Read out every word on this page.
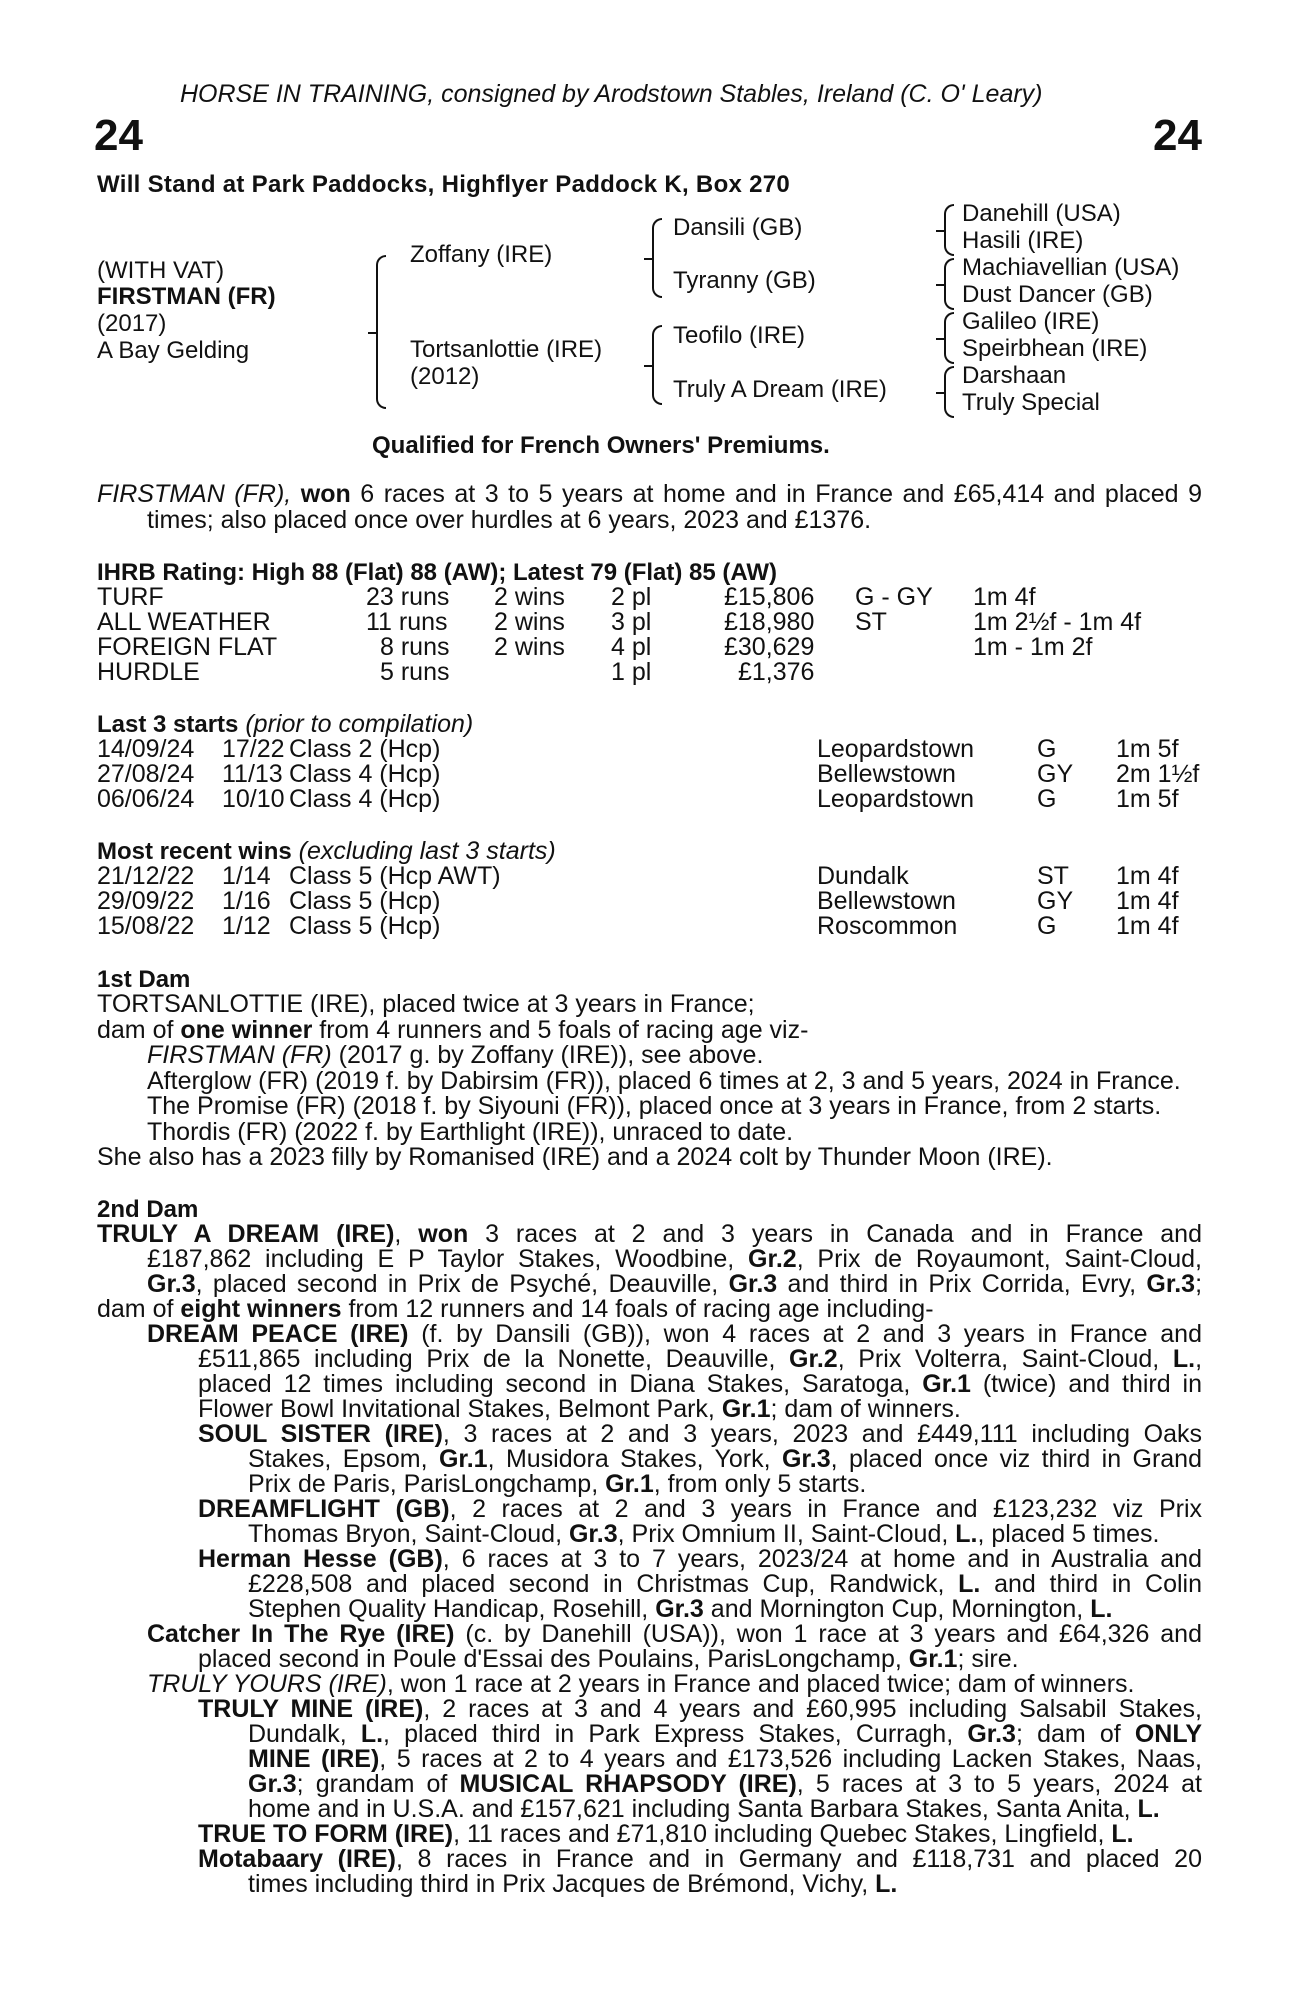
HORSE IN TRAINING, consigned by Arodstown Stables, Ireland (C. O' Leary)
24	24
Will Stand at Park Paddocks, Highflyer Paddock K, Box 270
(WITH VAT)
FIRSTMAN (FR)
(2017)
A Bay Gelding
Zoffany (IRE)
Tortsanlottie (IRE)
(2012)
Dansili (GB)
Tyranny (GB)
Teofilo (IRE)
Truly A Dream (IRE)
Danehill (USA)
Hasili (IRE)
Machiavellian (USA)
Dust Dancer (GB)
Galileo (IRE)
Speirbhean (IRE)
Darshaan
Truly Special
Qualified for French Owners' Premiums.
FIRSTMAN (FR), won 6 races at 3 to 5 years at home and in France and £65,414 and placed 9
times; also placed once over hurdles at 6 years, 2023 and £1376.
IHRB Rating: High 88 (Flat) 88 (AW); Latest 79 (Flat) 85 (AW)
TURF	23 runs 2 wins 2 pl	£15,806 G - GY 1m 4f
ALL WEATHER	11 runs 2 wins 3 pl	£18,980 ST	1m 2½f - 1m 4f
FOREIGN FLAT	8 runs 2 wins 4 pl	£30,629	1m - 1m 2f
HURDLE	5 runs	1 pl	£1,376
Last 3 starts (prior to compilation)
14/09/24 17/22 Class 2 (Hcp)	Leopardstown	G 1m 5f
27/08/24 11/13 Class 4 (Hcp)	Bellewstown	GY 2m 1½f
06/06/24 10/10 Class 4 (Hcp)	Leopardstown	G 1m 5f
Most recent wins (excluding last 3 starts)
21/12/22 1/14 Class 5 (Hcp AWT)	Dundalk	ST 1m 4f
29/09/22 1/16 Class 5 (Hcp)	Bellewstown	GY 1m 4f
15/08/22 1/12 Class 5 (Hcp)	Roscommon	G 1m 4f
1st Dam
TORTSANLOTTIE (IRE), placed twice at 3 years in France;
dam of one winner from 4 runners and 5 foals of racing age viz-
FIRSTMAN (FR) (2017 g. by Zoffany (IRE)), see above.
Afterglow (FR) (2019 f. by Dabirsim (FR)), placed 6 times at 2, 3 and 5 years, 2024 in France.
The Promise (FR) (2018 f. by Siyouni (FR)), placed once at 3 years in France, from 2 starts.
Thordis (FR) (2022 f. by Earthlight (IRE)), unraced to date.
She also has a 2023 filly by Romanised (IRE) and a 2024 colt by Thunder Moon (IRE).
2nd Dam
TRULY A DREAM (IRE), won 3 races at 2 and 3 years in Canada and in France and
£187,862 including E P Taylor Stakes, Woodbine, Gr.2, Prix de Royaumont, Saint-Cloud,
Gr.3, placed second in Prix de Psyché, Deauville, Gr.3 and third in Prix Corrida, Evry, Gr.3;
dam of eight winners from 12 runners and 14 foals of racing age including-
DREAM PEACE (IRE) (f. by Dansili (GB)), won 4 races at 2 and 3 years in France and
£511,865 including Prix de la Nonette, Deauville, Gr.2, Prix Volterra, Saint-Cloud, L.,
placed 12 times including second in Diana Stakes, Saratoga, Gr.1 (twice) and third in
Flower Bowl Invitational Stakes, Belmont Park, Gr.1; dam of winners.
SOUL SISTER (IRE), 3 races at 2 and 3 years, 2023 and £449,111 including Oaks
Stakes, Epsom, Gr.1, Musidora Stakes, York, Gr.3, placed once viz third in Grand
Prix de Paris, ParisLongchamp, Gr.1, from only 5 starts.
DREAMFLIGHT (GB), 2 races at 2 and 3 years in France and £123,232 viz Prix
Thomas Bryon, Saint-Cloud, Gr.3, Prix Omnium II, Saint-Cloud, L., placed 5 times.
Herman Hesse (GB), 6 races at 3 to 7 years, 2023/24 at home and in Australia and
£228,508 and placed second in Christmas Cup, Randwick, L. and third in Colin
Stephen Quality Handicap, Rosehill, Gr.3 and Mornington Cup, Mornington, L.
Catcher In The Rye (IRE) (c. by Danehill (USA)), won 1 race at 3 years and £64,326 and
placed second in Poule d'Essai des Poulains, ParisLongchamp, Gr.1; sire.
TRULY YOURS (IRE), won 1 race at 2 years in France and placed twice; dam of winners.
TRULY MINE (IRE), 2 races at 3 and 4 years and £60,995 including Salsabil Stakes,
Dundalk, L., placed third in Park Express Stakes, Curragh, Gr.3; dam of ONLY
MINE (IRE), 5 races at 2 to 4 years and £173,526 including Lacken Stakes, Naas,
Gr.3; grandam of MUSICAL RHAPSODY (IRE), 5 races at 3 to 5 years, 2024 at
home and in U.S.A. and £157,621 including Santa Barbara Stakes, Santa Anita, L.
TRUE TO FORM (IRE), 11 races and £71,810 including Quebec Stakes, Lingfield, L.
Motabaary (IRE), 8 races in France and in Germany and £118,731 and placed 20
times including third in Prix Jacques de Brémond, Vichy, L.
